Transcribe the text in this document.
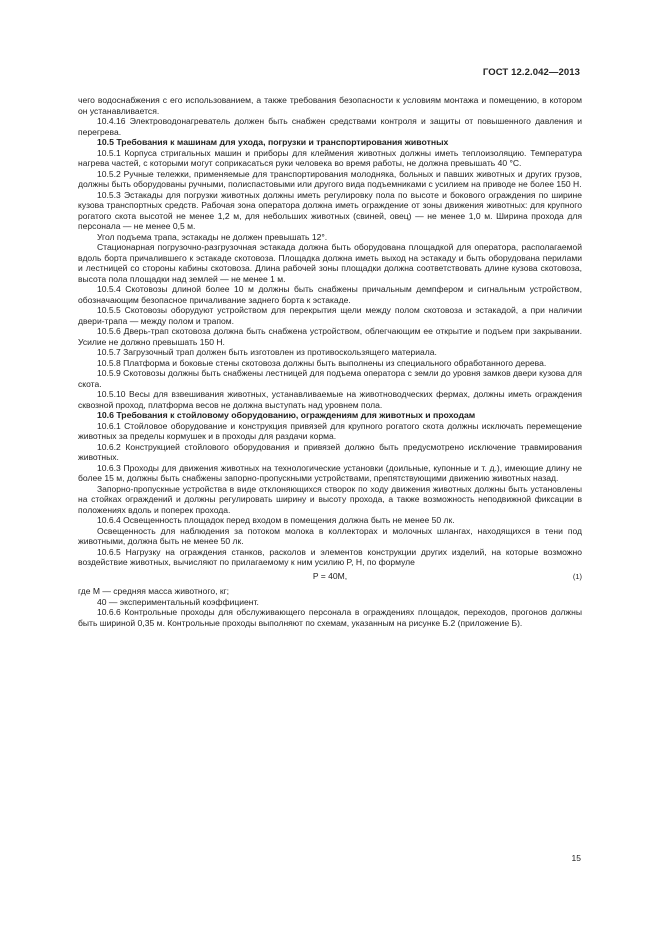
ГОСТ 12.2.042—2013

чего водоснабжения с его использованием, а также требования безопасности к условиям монтажа и помещению, в котором он устанавливается.

10.4.16 Электроводонагреватель должен быть снабжен средствами контроля и защиты от повышенного давления и перегрева.

10.5 Требования к машинам для ухода, погрузки и транспортирования животных

10.5.1 Корпуса стригальных машин и приборы для клеймения животных должны иметь теплоизоляцию. Температура нагрева частей, с которыми могут соприкасаться руки человека во время работы, не должна превышать 40 °С.

10.5.2 Ручные тележки, применяемые для транспортирования молодняка, больных и павших животных и других грузов, должны быть оборудованы ручными, полиспастовыми или другого вида подъемниками с усилием на приводе не более 150 Н.

10.5.3 Эстакады для погрузки животных должны иметь регулировку пола по высоте и бокового ограждения по ширине кузова транспортных средств. Рабочая зона оператора должна иметь ограждение от зоны движения животных: для крупного рогатого скота высотой не менее 1,2 м, для небольших животных (свиней, овец) — не менее 1,0 м. Ширина прохода для персонала — не менее 0,5 м.

Угол подъема трапа, эстакады не должен превышать 12°.

Стационарная погрузочно-разгрузочная эстакада должна быть оборудована площадкой для оператора, располагаемой вдоль борта причалившего к эстакаде скотовоза. Площадка должна иметь выход на эстакаду и быть оборудована перилами и лестницей со стороны кабины скотовоза. Длина рабочей зоны площадки должна соответствовать длине кузова скотовоза, высота пола площадки над землей — не менее 1 м.

10.5.4 Скотовозы длиной более 10 м должны быть снабжены причальным демпфером и сигнальным устройством, обозначающим безопасное причаливание заднего борта к эстакаде.

10.5.5 Скотовозы оборудуют устройством для перекрытия щели между полом скотовоза и эстакадой, а при наличии двери-трапа — между полом и трапом.

10.5.6 Дверь-трап скотовоза должна быть снабжена устройством, облегчающим ее открытие и подъем при закрывании. Усилие не должно превышать 150 Н.

10.5.7 Загрузочный трап должен быть изготовлен из противоскользящего материала.

10.5.8 Платформа и боковые стены скотовоза должны быть выполнены из специального обработанного дерева.

10.5.9 Скотовозы должны быть снабжены лестницей для подъема оператора с земли до уровня замков двери кузова для скота.

10.5.10 Весы для взвешивания животных, устанавливаемые на животноводческих фермах, должны иметь ограждения сквозной проход, платформа весов не должна выступать над уровнем пола.

10.6 Требования к стойловому оборудованию, ограждениям для животных и проходам

10.6.1 Стойловое оборудование и конструкция привязей для крупного рогатого скота должны исключать перемещение животных за пределы кормушек и в проходы для раздачи корма.

10.6.2 Конструкцией стойлового оборудования и привязей должно быть предусмотрено исключение травмирования животных.

10.6.3 Проходы для движения животных на технологические установки (доильные, купонные и т. д.), имеющие длину не более 15 м, должны быть снабжены запорно-пропускными устройствами, препятствующими движению животных назад.

Запорно-пропускные устройства в виде отклоняющихся створок по ходу движения животных должны быть установлены на стойках ограждений и должны регулировать ширину и высоту прохода, а также возможность неподвижной фиксации в положениях вдоль и поперек прохода.

10.6.4 Освещенность площадок перед входом в помещения должна быть не менее 50 лк.

Освещенность для наблюдения за потоком молока в коллекторах и молочных шлангах, находящихся в тени под животными, должна быть не менее 50 лк.

10.6.5 Нагрузку на ограждения станков, расколов и элементов конструкции других изделий, на которые возможно воздействие животных, вычисляют по прилагаемому к ним усилию P, Н, по формуле

P = 40M,	(1)

где M — средняя масса животного, кг;

40 — экспериментальный коэффициент.

10.6.6 Контрольные проходы для обслуживающего персонала в ограждениях площадок, переходов, прогонов должны быть шириной 0,35 м. Контрольные проходы выполняют по схемам, указанным на рисунке Б.2 (приложение Б).

15
